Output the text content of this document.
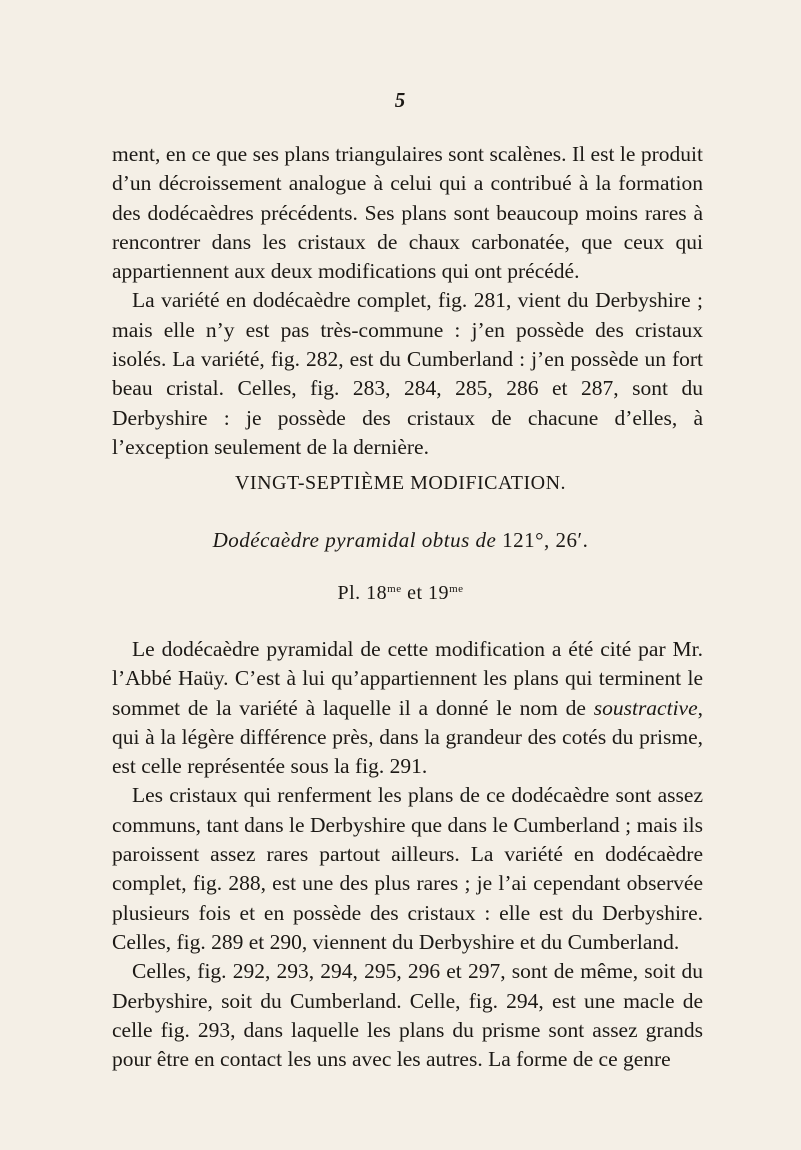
5

ment, en ce que ses plans triangulaires sont scalènes. Il est le produit d’un décroissement analogue à celui qui a contribué à la formation des dodécaèdres précédents. Ses plans sont beaucoup moins rares à rencontrer dans les cristaux de chaux carbonatée, que ceux qui appartiennent aux deux modifications qui ont précédé.

La variété en dodécaèdre complet, fig. 281, vient du Derbyshire ; mais elle n’y est pas très-commune : j’en possède des cristaux isolés. La variété, fig. 282, est du Cumberland : j’en possède un fort beau cristal. Celles, fig. 283, 284, 285, 286 et 287, sont du Derbyshire : je possède des cristaux de chacune d’elles, à l’exception seulement de la dernière.

VINGT-SEPTIÈME MODIFICATION.
Dodécaèdre pyramidal obtus de 121°, 26′.
Pl. $18^{me}$ et $19^{me}$

Le dodécaèdre pyramidal de cette modification a été cité par Mr. l’Abbé Haüy. C’est à lui qu’appartiennent les plans qui terminent le sommet de la variété à laquelle il a donné le nom de soustractive, qui à la légère différence près, dans la grandeur des cotés du prisme, est celle représentée sous la fig. 291.

Les cristaux qui renferment les plans de ce dodécaèdre sont assez communs, tant dans le Derbyshire que dans le Cumberland ; mais ils paroissent assez rares partout ailleurs. La variété en dodécaèdre complet, fig. 288, est une des plus rares ; je l’ai cependant observée plusieurs fois et en possède des cristaux : elle est du Derbyshire. Celles, fig. 289 et 290, viennent du Derbyshire et du Cumberland.

Celles, fig. 292, 293, 294, 295, 296 et 297, sont de même, soit du Derbyshire, soit du Cumberland. Celle, fig. 294, est une macle de celle fig. 293, dans laquelle les plans du prisme sont assez grands pour être en contact les uns avec les autres. La forme de ce genre
